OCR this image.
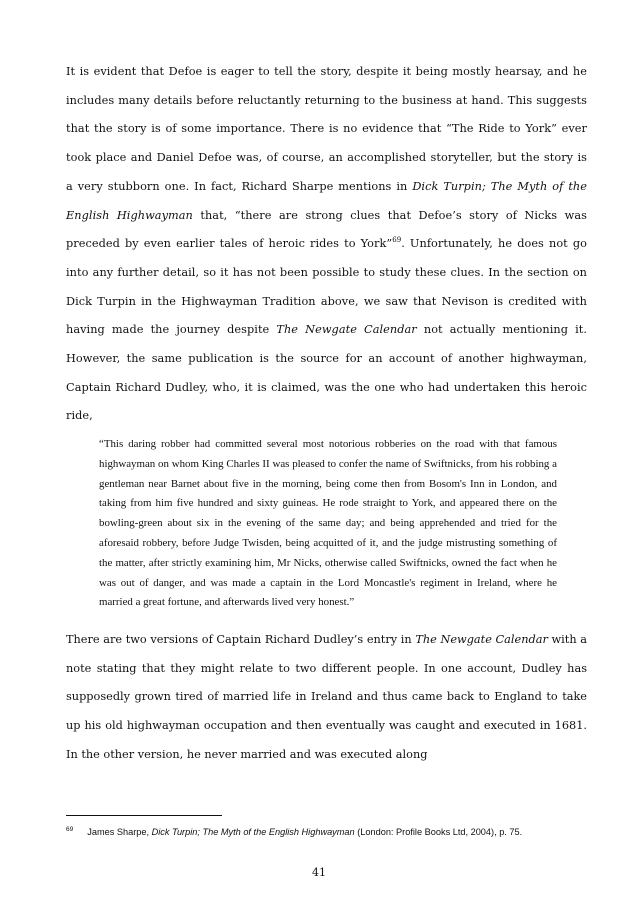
It is evident that Defoe is eager to tell the story, despite it being mostly hearsay, and he includes many details before reluctantly returning to the business at hand. This suggests that the story is of some importance. There is no evidence that “The Ride to York” ever took place and Daniel Defoe was, of course, an accomplished storyteller, but the story is a very stubborn one. In fact, Richard Sharpe mentions in Dick Turpin; The Myth of the English Highwayman that, “there are strong clues that Defoe’s story of Nicks was preceded by even earlier tales of heroic rides to York”$^{69}$. Unfortunately, he does not go into any further detail, so it has not been possible to study these clues. In the section on Dick Turpin in the Highwayman Tradition above, we saw that Nevison is credited with having made the journey despite The Newgate Calendar not actually mentioning it. However, the same publication is the source for an account of another highwayman, Captain Richard Dudley, who, it is claimed, was the one who had undertaken this heroic ride,

“This daring robber had committed several most notorious robberies on the road with that famous highwayman on whom King Charles II was pleased to confer the name of Swiftnicks, from his robbing a gentleman near Barnet about five in the morning, being come then from Bosom's Inn in London, and taking from him five hundred and sixty guineas. He rode straight to York, and appeared there on the bowling-green about six in the evening of the same day; and being apprehended and tried for the aforesaid robbery, before Judge Twisden, being acquitted of it, and the judge mistrusting something of the matter, after strictly examining him, Mr Nicks, otherwise called Swiftnicks, owned the fact when he was out of danger, and was made a captain in the Lord Moncastle's regiment in Ireland, where he married a great fortune, and afterwards lived very honest.”

There are two versions of Captain Richard Dudley’s entry in The Newgate Calendar with a note stating that they might relate to two different people. In one account, Dudley has supposedly grown tired of married life in Ireland and thus came back to England to take up his old highwayman occupation and then eventually was caught and executed in 1681. In the other version, he never married and was executed along

$^{69}$ James Sharpe, Dick Turpin; The Myth of the English Highwayman (London: Profile Books Ltd, 2004), p. 75.

41
